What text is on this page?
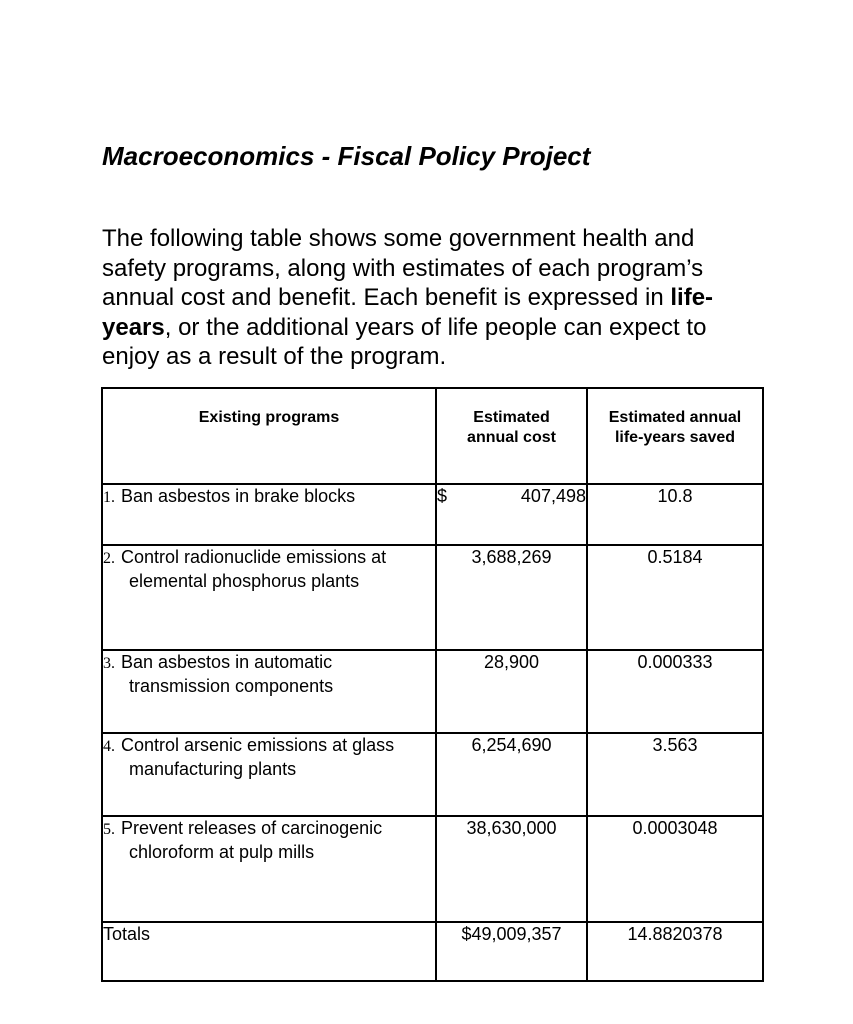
Macroeconomics - Fiscal Policy Project

The following table shows some government health and safety programs, along with estimates of each program’s annual cost and benefit. Each benefit is expressed in life-years, or the additional years of life people can expect to enjoy as a result of the program.

Existing programs	Estimated annual cost	Estimated annual life-years saved

1. Ban asbestos in brake blocks	$ 407,498	10.8

2. Control radionuclide emissions at elemental phosphorus plants	3,688,269	0.5184

3. Ban asbestos in automatic transmission components	28,900	0.000333

4. Control arsenic emissions at glass manufacturing plants	6,254,690	3.563

5. Prevent releases of carcinogenic chloroform at pulp mills	38,630,000	0.0003048
Totals	$49,009,357	14.8820378
